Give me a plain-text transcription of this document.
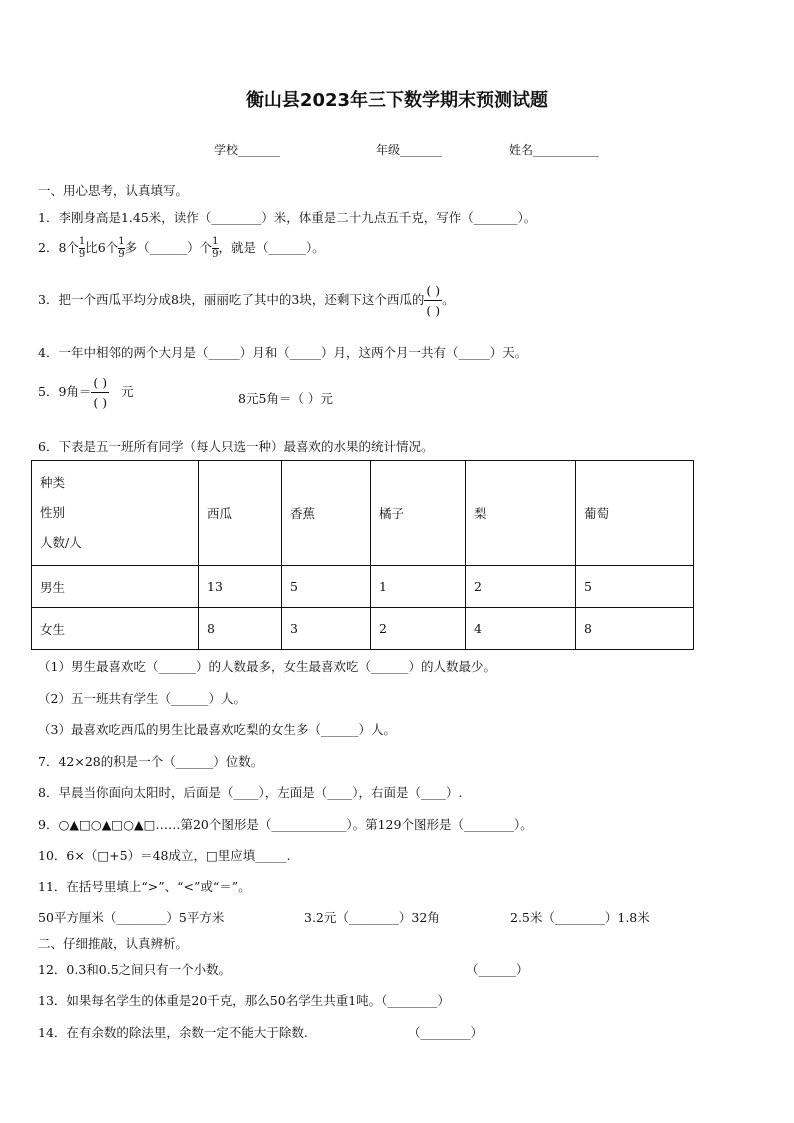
衡山县2023年三下数学期末预测试题
学校_______	年级_______	姓名___________
一、用心思考，认真填写。
1．李刚身高是1.45米，读作（________）米，体重是二十九点五千克，写作（_______）。
2．8个 $\frac{1}{9}$ 比6个 $\frac{1}{9}$ 多（______）个 $\frac{1}{9}$ ，就是（______）。
3．把一个西瓜平均分成8块，丽丽吃了其中的3块，还剩下这个西瓜的
( )
( )
。
4．一年中相邻的两个大月是（_____）月和（_____）月，这两个月一共有（_____）天。
5．9角＝
( )
( )
元	8元5角＝（ ）元
6．下表是五一班所有同学（每人只选一种）最喜欢的水果的统计情况。
种类
性别
人数/人	西瓜	香蕉	橘子	梨	葡萄
男生	13	5	1	2	5
女生	8	3	2	4	8
（1）男生最喜欢吃（______）的人数最多，女生最喜欢吃（______）的人数最少。
（2）五一班共有学生（______）人。
（3）最喜欢吃西瓜的男生比最喜欢吃梨的女生多（______）人。
7．42×28的积是一个（______）位数。
8．早晨当你面向太阳时，后面是（____），左面是（____），右面是（____）.
9．○▲□○▲□○▲□……第20个图形是（____________）。第129个图形是（________）。
10．6×（□+5）＝48成立，□里应填_____.
11．在括号里填上“>”、“<”或“＝”。
50平方厘米（________）5平方米	3.2元（________）32角	2.5米（________）1.8米
二、仔细推敲，认真辨析。
12．0.3和0.5之间只有一个小数。	（______）
13．如果每名学生的体重是20千克，那么50名学生共重1吨。（________）
14．在有余数的除法里，余数一定不能大于除数.	（________）
